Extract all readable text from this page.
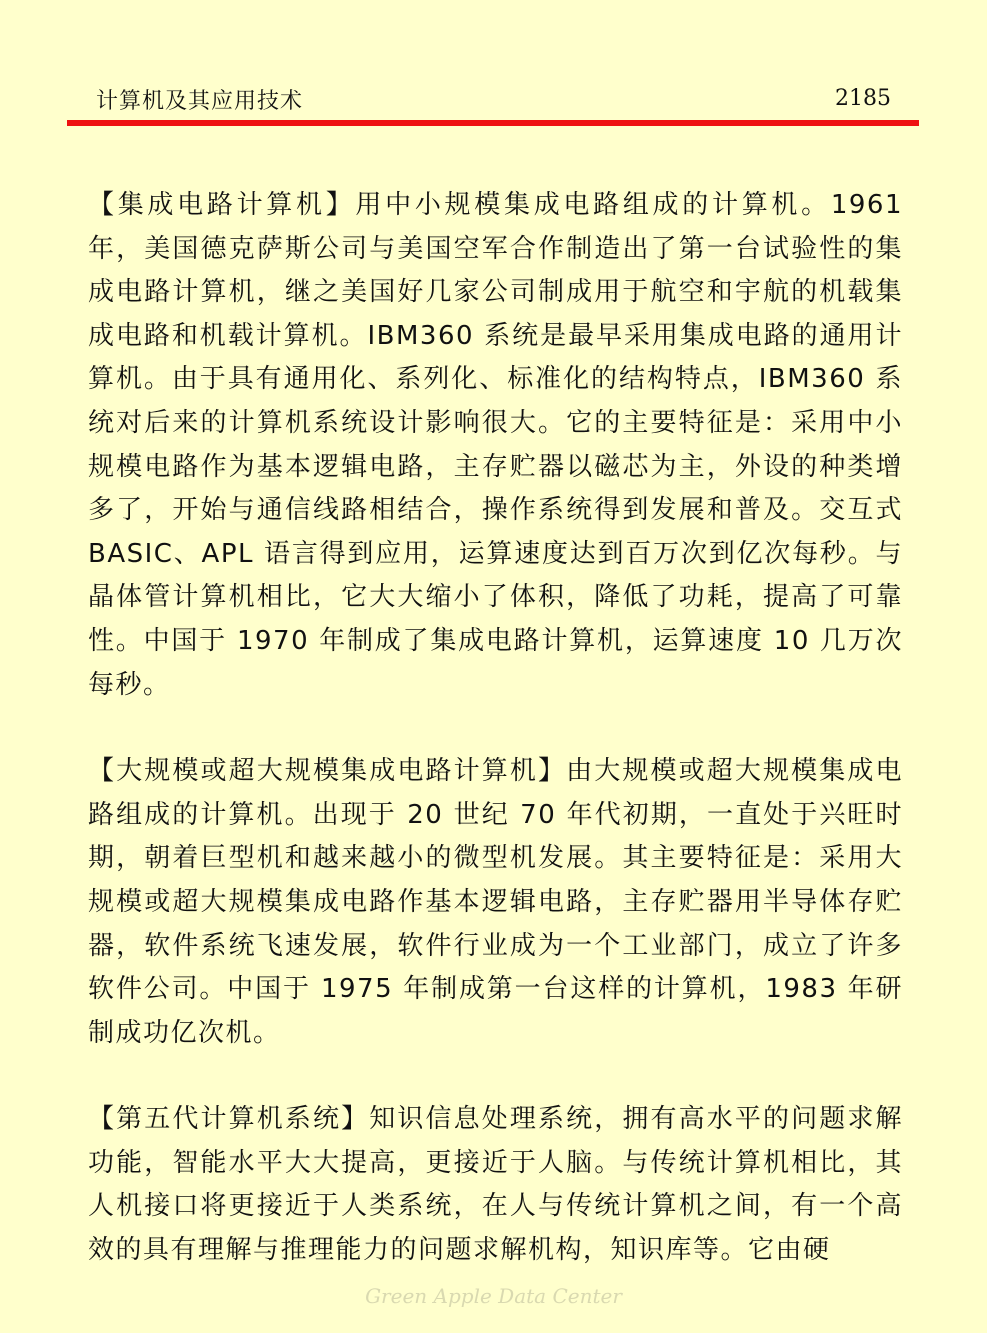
计算机及其应用技术	2185

【集成电路计算机】用中小规模集成电路组成的计算机。1961 年，美国德克萨斯公司与美国空军合作制造出了第一台试验性的集成电路计算机，继之美国好几家公司制成用于航空和宇航的机载集成电路和机载计算机。IBM360 系统是最早采用集成电路的通用计算机。由于具有通用化、系列化、标准化的结构特点，IBM360 系统对后来的计算机系统设计影响很大。它的主要特征是：采用中小规模电路作为基本逻辑电路，主存贮器以磁芯为主，外设的种类增多了，开始与通信线路相结合，操作系统得到发展和普及。交互式 BASIC、APL 语言得到应用，运算速度达到百万次到亿次每秒。与晶体管计算机相比，它大大缩小了体积，降低了功耗，提高了可靠性。中国于 1970 年制成了集成电路计算机，运算速度 10 几万次每秒。

【大规模或超大规模集成电路计算机】由大规模或超大规模集成电路组成的计算机。出现于 20 世纪 70 年代初期，一直处于兴旺时期，朝着巨型机和越来越小的微型机发展。其主要特征是：采用大规模或超大规模集成电路作基本逻辑电路，主存贮器用半导体存贮器，软件系统飞速发展，软件行业成为一个工业部门，成立了许多软件公司。中国于 1975 年制成第一台这样的计算机，1983 年研制成功亿次机。

【第五代计算机系统】知识信息处理系统，拥有高水平的问题求解功能，智能水平大大提高，更接近于人脑。与传统计算机相比，其人机接口将更接近于人类系统，在人与传统计算机之间，有一个高效的具有理解与推理能力的问题求解机构，知识库等。它由硬

Green Apple Data Center
